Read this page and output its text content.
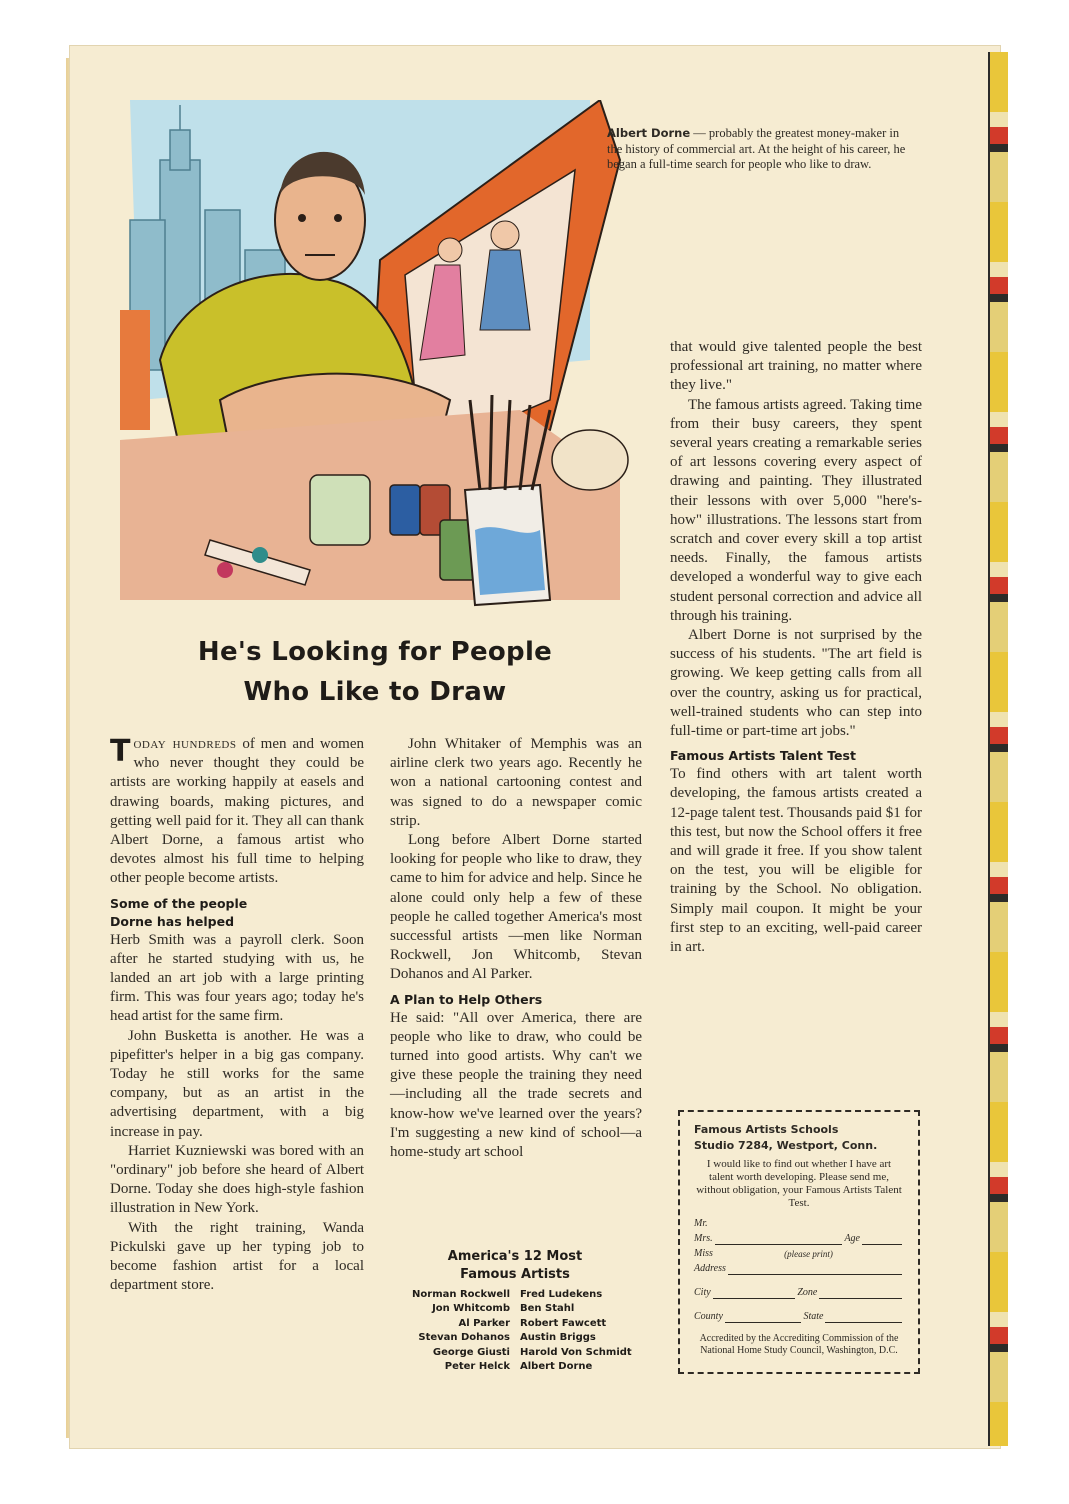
Albert Dorne — probably the greatest money-maker in the history of commercial art. At the height of his career, he began a full-time search for people who like to draw.
He's Looking for People
Who Like to Draw

Today hundreds of men and women who never thought they could be artists are working happily at easels and drawing boards, making pictures, and getting well paid for it. They all can thank Albert Dorne, a famous artist who devotes almost his full time to helping other people become artists.

Some of the people
Dorne has helped

Herb Smith was a payroll clerk. Soon after he started studying with us, he landed an art job with a large printing firm. This was four years ago; today he's head artist for the same firm.

John Busketta is another. He was a pipefitter's helper in a big gas company. Today he still works for the same company, but as an artist in the advertising department, with a big increase in pay.

Harriet Kuzniewski was bored with an "ordinary" job before she heard of Albert Dorne. Today she does high-style fashion illustration in New York.

With the right training, Wanda Pickulski gave up her typing job to become fashion artist for a local department store.

John Whitaker of Memphis was an airline clerk two years ago. Recently he won a national cartooning contest and was signed to do a newspaper comic strip.

Long before Albert Dorne started looking for people who like to draw, they came to him for advice and help. Since he alone could only help a few of these people he called together America's most successful artists —men like Norman Rockwell, Jon Whitcomb, Stevan Dohanos and Al Parker.

A Plan to Help Others

He said: "All over America, there are people who like to draw, who could be turned into good artists. Why can't we give these people the training they need—including all the trade secrets and know-how we've learned over the years? I'm suggesting a new kind of school—a home-study art school

America's 12 Most
Famous Artists
Norman Rockwell Fred Ludekens
Jon Whitcomb Ben Stahl
Al Parker Robert Fawcett
Stevan Dohanos Austin Briggs
George Giusti Harold Von Schmidt
Peter Helck Albert Dorne

that would give talented people the best professional art training, no matter where they live."

The famous artists agreed. Taking time from their busy careers, they spent several years creating a remarkable series of art lessons covering every aspect of drawing and painting. They illustrated their lessons with over 5,000 "here's-how" illustrations. The lessons start from scratch and cover every skill a top artist needs. Finally, the famous artists developed a wonderful way to give each student personal correction and advice all through his training.

Albert Dorne is not surprised by the success of his students. "The art field is growing. We keep getting calls from all over the country, asking us for practical, well-trained students who can step into full-time or part-time art jobs."

Famous Artists Talent Test

To find others with art talent worth developing, the famous artists created a 12-page talent test. Thousands paid $1 for this test, but now the School offers it free and will grade it free. If you show talent on the test, you will be eligible for training by the School. No obligation. Simply mail coupon. It might be your first step to an exciting, well-paid career in art.

Famous Artists Schools
Studio 7284, Westport, Conn.
I would like to find out whether I have art talent worth developing. Please send me, without obligation, your Famous Artists Talent Test.
Mr.
Mrs.	Age
Miss	(please print)
Address
City	Zone
County	State
Accredited by the Accrediting Commission of the National Home Study Council, Washington, D.C.
